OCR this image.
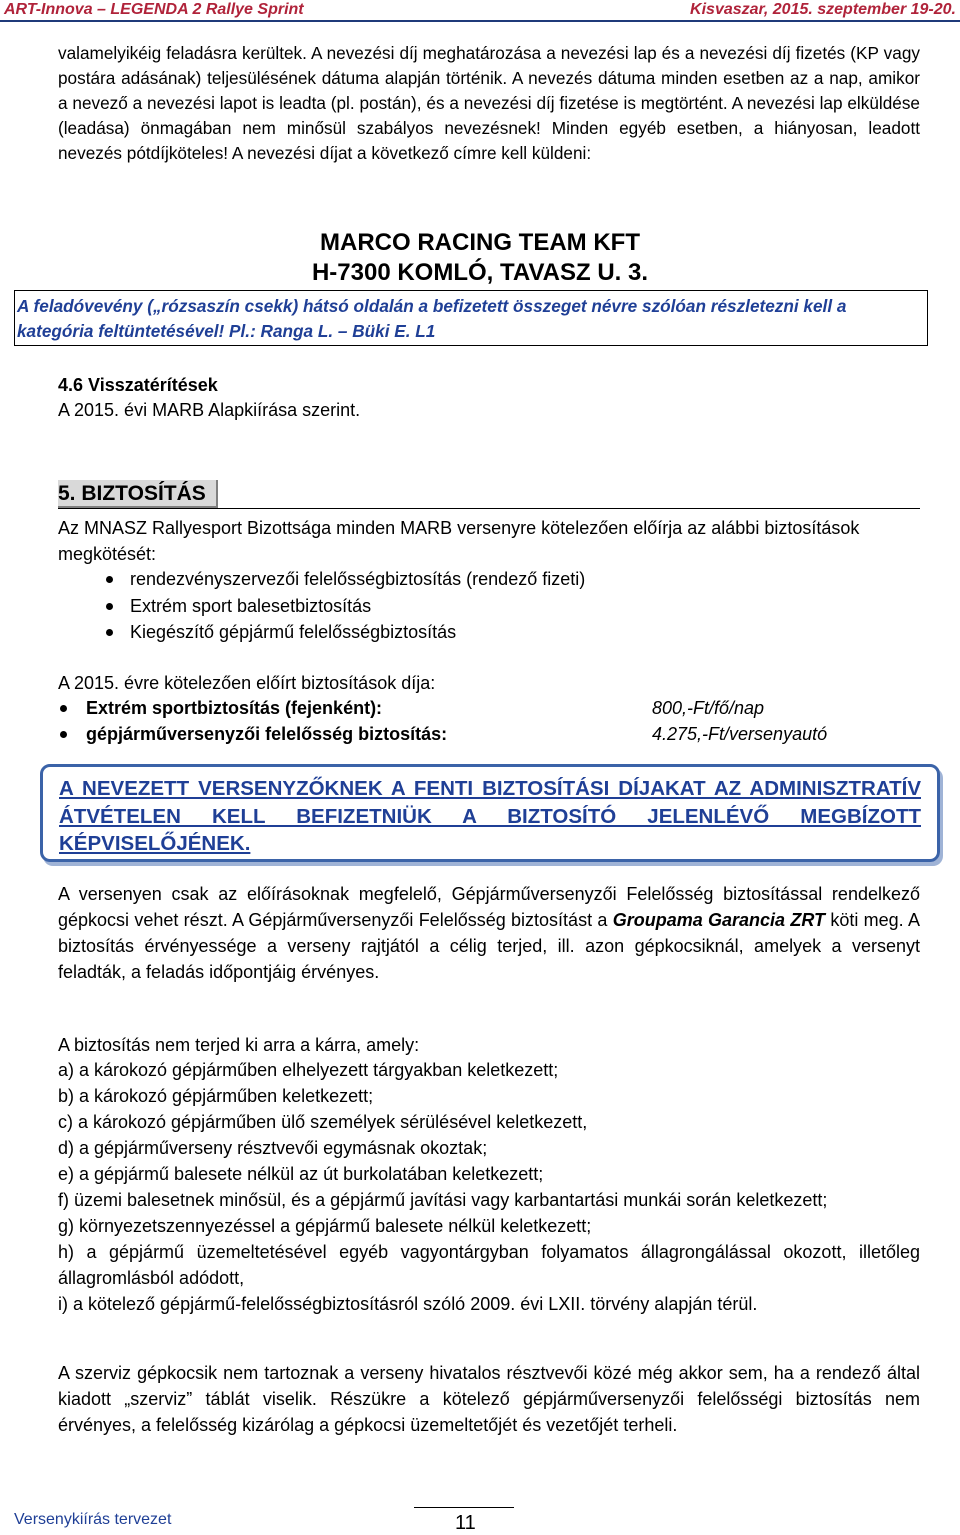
ART-Innova – LEGENDA 2 Rallye Sprint	Kisvaszar, 2015. szeptember 19-20.

valamelyikéig feladásra kerültek. A nevezési díj meghatározása a nevezési lap és a nevezési díj fizetés (KP vagy postára adásának) teljesülésének dátuma alapján történik. A nevezés dátuma minden esetben az a nap, amikor a nevező a nevezési lapot is leadta (pl. postán), és a nevezési díj fizetése is megtörtént. A nevezési lap elküldése (leadása) önmagában nem minősül szabályos nevezésnek! Minden egyéb esetben, a hiányosan, leadott nevezés pótdíjköteles! A nevezési díjat a következő címre kell küldeni:

MARCO RACING TEAM KFT
H-7300 KOMLÓ, TAVASZ U. 3.
A feladóvevény („rózsaszín csekk) hátsó oldalán a befizetett összeget névre szólóan részletezni kell a kategória feltüntetésével! Pl.: Ranga L. – Büki E. L1
4.6 Visszatérítések
A 2015. évi MARB Alapkiírása szerint.
5. BIZTOSÍTÁS

Az MNASZ Rallyesport Bizottsága minden MARB versenyre kötelezően előírja az alábbi biztosítások megkötését:

rendezvényszervezői felelősségbiztosítás (rendező fizeti)
Extrém sport balesetbiztosítás
Kiegészítő gépjármű felelősségbiztosítás

A 2015. évre kötelezően előírt biztosítások díja:

Extrém sportbiztosítás (fejenként):	800,-Ft/fő/nap
gépjárműversenyzői felelősség biztosítás:	4.275,-Ft/versenyautó
A NEVEZETT VERSENYZŐKNEK A FENTI BIZTOSÍTÁSI DÍJAKAT AZ ADMINISZTRATÍV ÁTVÉTELEN KELL BEFIZETNIÜK A BIZTOSÍTÓ JELENLÉVŐ MEGBÍZOTT KÉPVISELŐJÉNEK.

A versenyen csak az előírásoknak megfelelő, Gépjárműversenyzői Felelősség biztosítással rendelkező gépkocsi vehet részt. A Gépjárműversenyzői Felelősség biztosítást a Groupama Garancia ZRT köti meg. A biztosítás érvényessége a verseny rajtjától a célig terjed, ill. azon gépkocsiknál, amelyek a versenyt feladták, a feladás időpontjáig érvényes.

A biztosítás nem terjed ki arra a kárra, amely:

a) a károkozó gépjárműben elhelyezett tárgyakban keletkezett;
b) a károkozó gépjárműben keletkezett;
c) a károkozó gépjárműben ülő személyek sérülésével keletkezett,
d) a gépjárműverseny résztvevői egymásnak okoztak;
e) a gépjármű balesete nélkül az út burkolatában keletkezett;
f) üzemi balesetnek minősül, és a gépjármű javítási vagy karbantartási munkái során keletkezett;
g) környezetszennyezéssel a gépjármű balesete nélkül keletkezett;
h) a gépjármű üzemeltetésével egyéb vagyontárgyban folyamatos állagrongálással okozott, illetőleg állagromlásból adódott,
i) a kötelező gépjármű-felelősségbiztosításról szóló 2009. évi LXII. törvény alapján térül.

A szerviz gépkocsik nem tartoznak a verseny hivatalos résztvevői közé még akkor sem, ha a rendező által kiadott „szerviz” táblát viselik. Részükre a kötelező gépjárműversenyzői felelősségi biztosítás nem érvényes, a felelősség kizárólag a gépkocsi üzemeltetőjét és vezetőjét terheli.

Versenykiírás tervezet	11
